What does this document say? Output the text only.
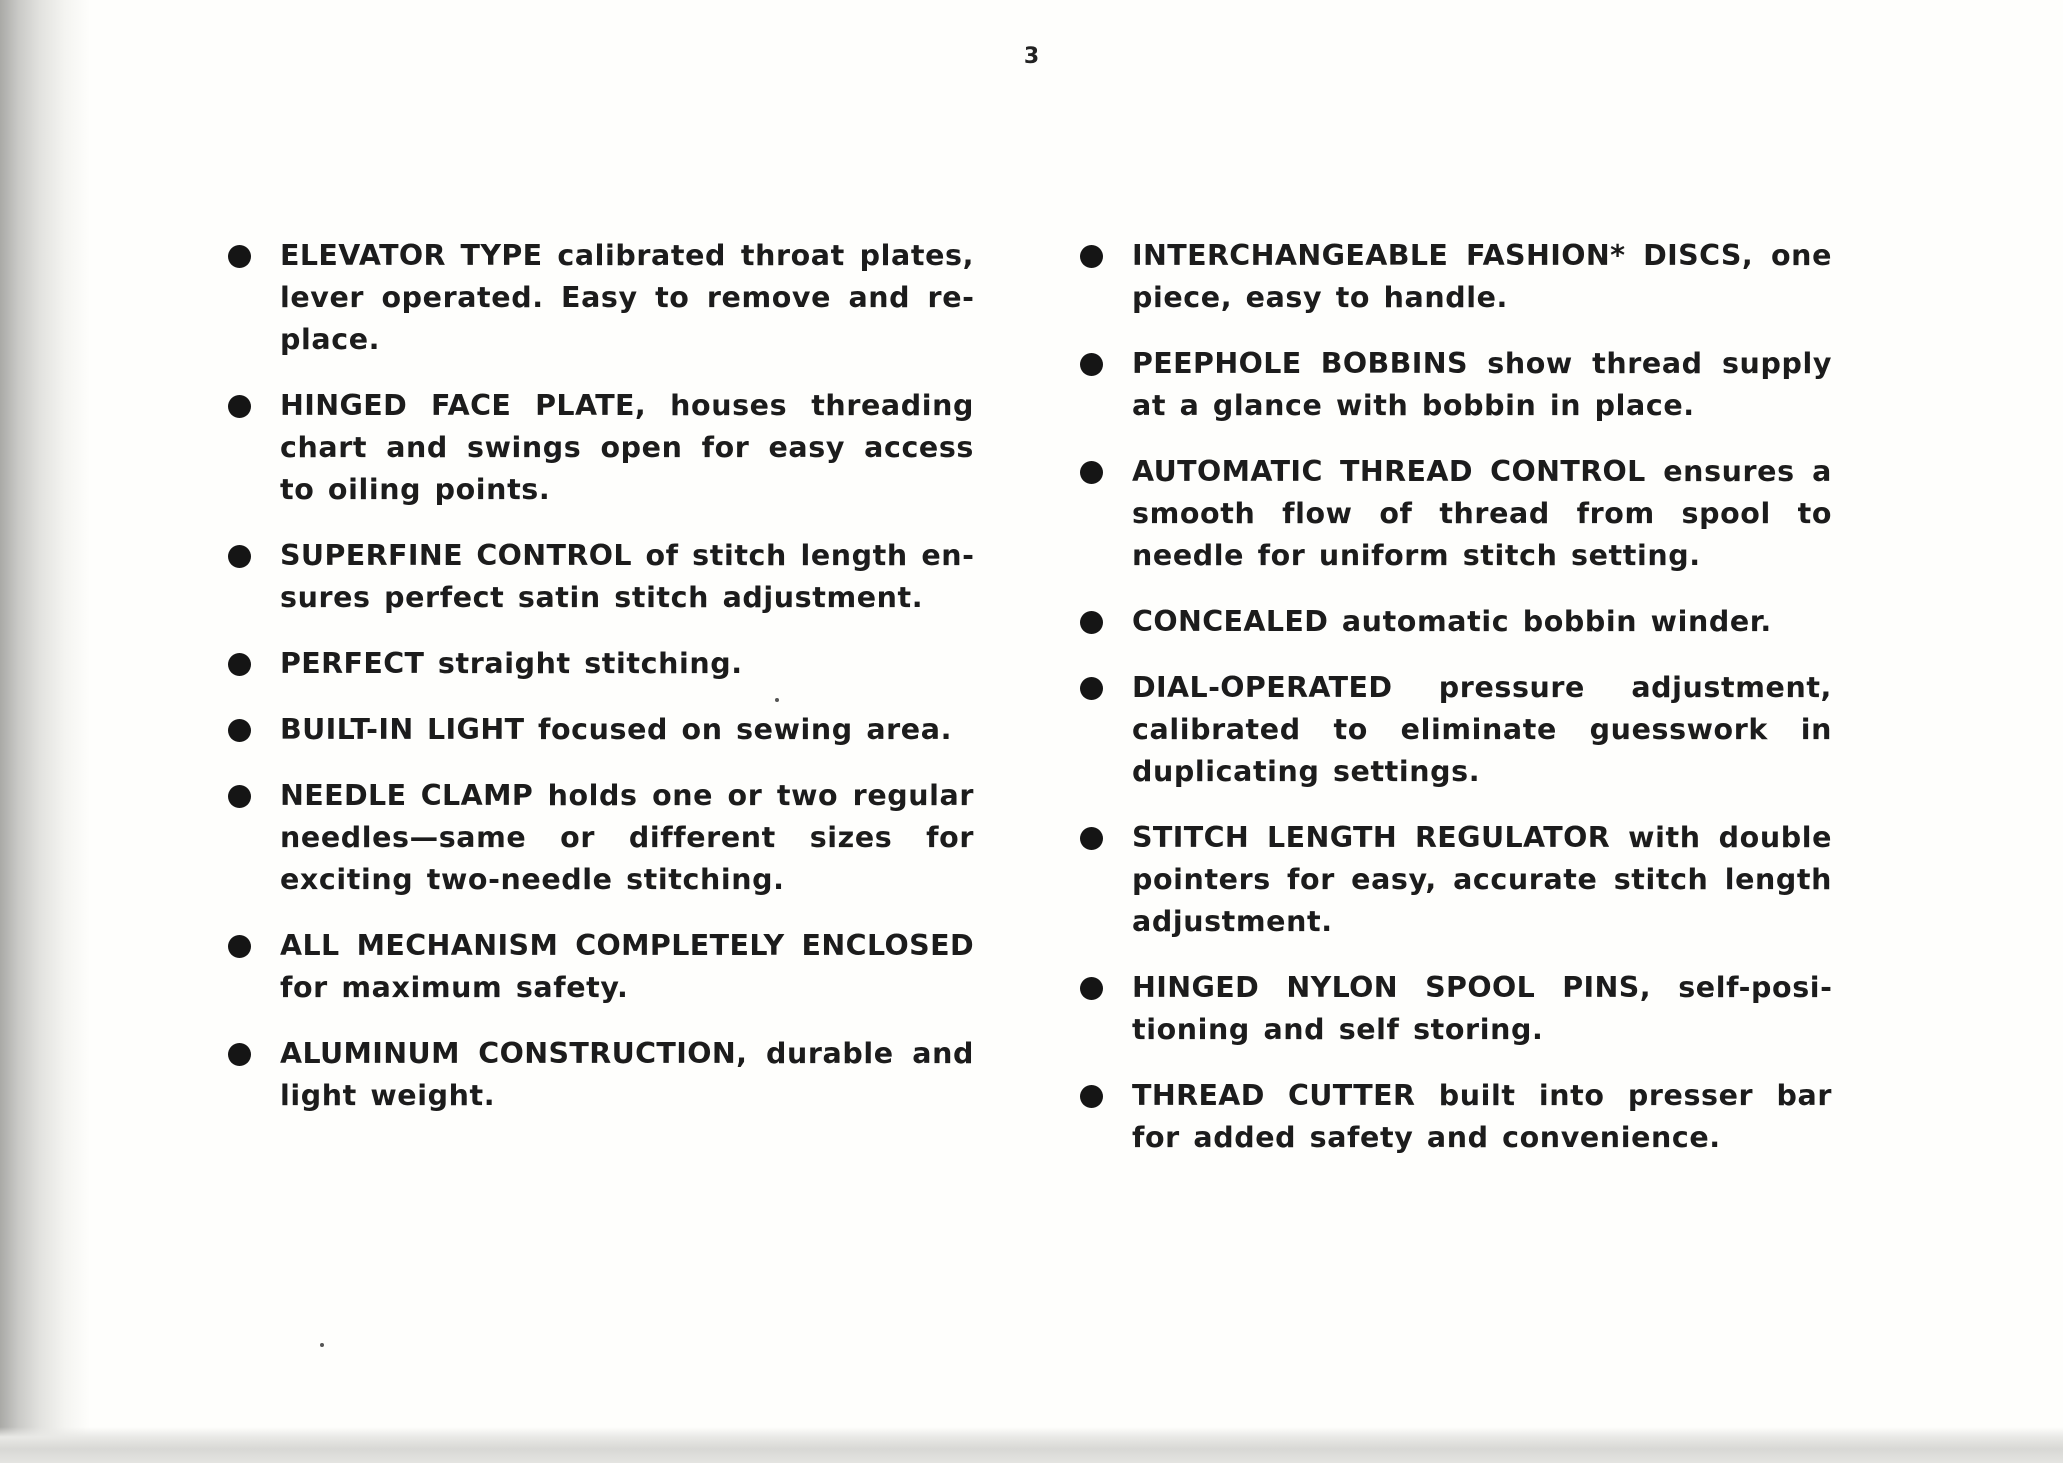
3
ELEVATOR TYPE calibrated throat plates, lever operated. Easy to remove and replace.
HINGED FACE PLATE, houses threading chart and swings open for easy access to oiling points.
SUPERFINE CONTROL of stitch length ensures perfect satin stitch adjustment.
PERFECT straight stitching.
BUILT-IN LIGHT focused on sewing area.
NEEDLE CLAMP holds one or two regular needles—same or different sizes for exciting two-needle stitching.
ALL MECHANISM COMPLETELY ENCLOSED for maximum safety.
ALUMINUM CONSTRUCTION, durable and light weight.
INTERCHANGEABLE FASHION* DISCS, one piece, easy to handle.
PEEPHOLE BOBBINS show thread supply at a glance with bobbin in place.
AUTOMATIC THREAD CONTROL ensures a smooth flow of thread from spool to needle for uniform stitch setting.
CONCEALED automatic bobbin winder.
DIAL-OPERATED pressure adjustment, calibrated to eliminate guesswork in duplicating settings.
STITCH LENGTH REGULATOR with double pointers for easy, accurate stitch length adjustment.
HINGED NYLON SPOOL PINS, self-positioning and self storing.
THREAD CUTTER built into presser bar for added safety and convenience.
